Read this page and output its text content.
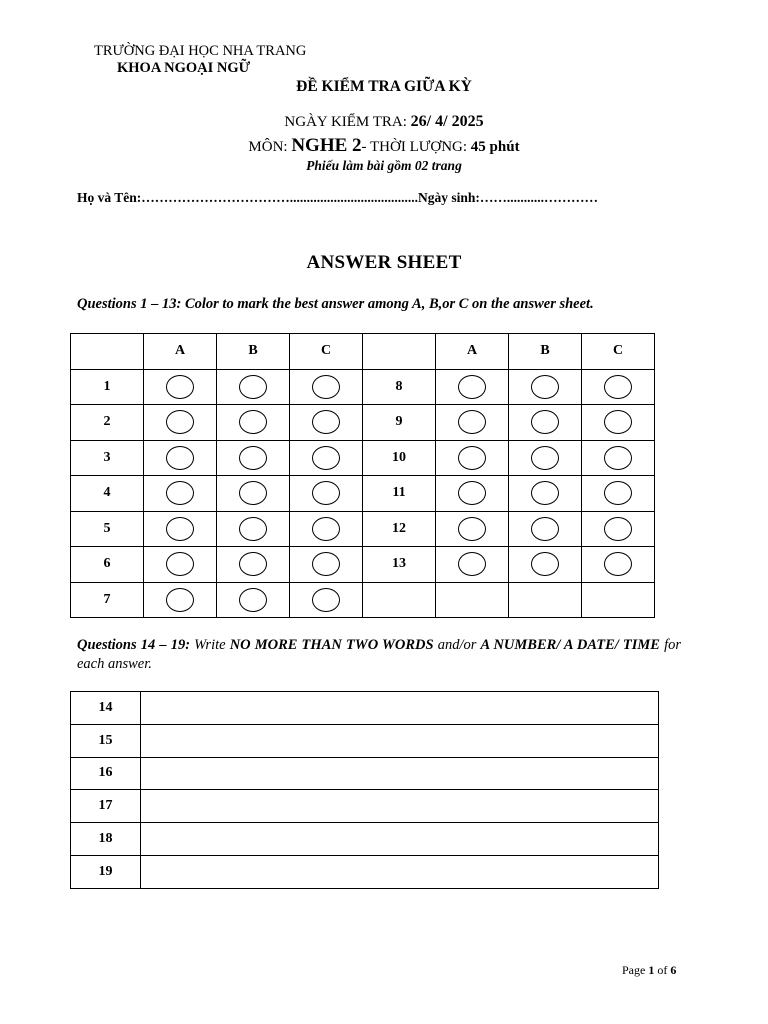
TRƯỜNG ĐẠI HỌC NHA TRANG
KHOA NGOẠI NGỮ
ĐỀ KIỂM TRA GIỮA KỲ
NGÀY KIỂM TRA: 26/ 4/ 2025
MÔN: NGHE 2- THỜI LƯỢNG: 45 phút
Phiếu làm bài gồm 02 trang
Họ và Tên:……………………………......................................Ngày sinh:……...........…………
ANSWER SHEET
Questions 1 – 13: Color to mark the best answer among A, B,or C on the answer sheet.
	A	B	C		A	B	C
1				8			
2				9			
3				10			
4				11			
5				12			
6				13			
7							
Questions 14 – 19: Write NO MORE THAN TWO WORDS and/or A NUMBER/ A DATE/ TIME for each answer.
14	
15	
16	
17	
18	
19	
Page 1 of 6
